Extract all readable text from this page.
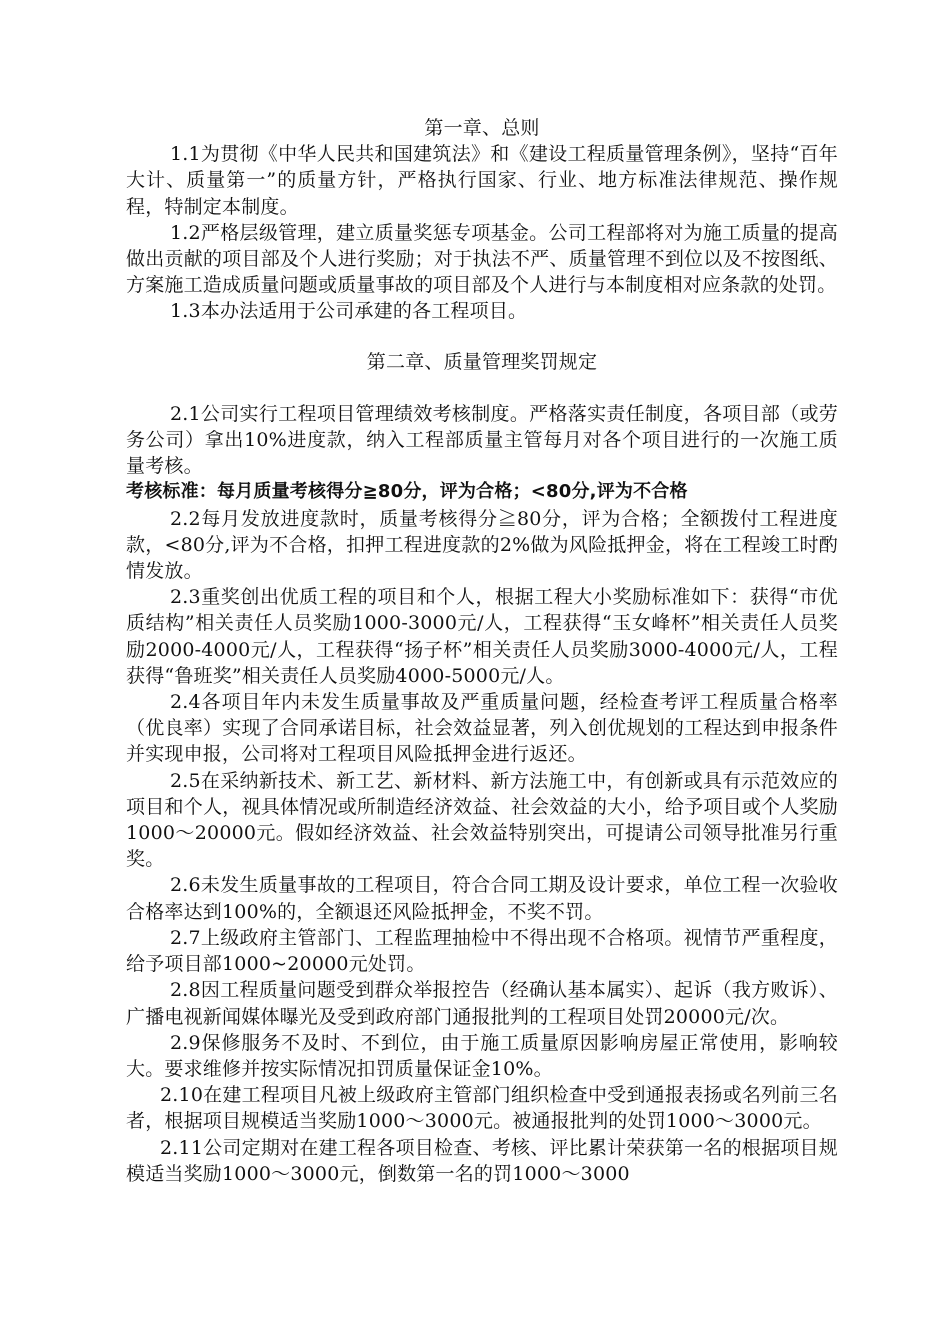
第一章、总则

1.1为贯彻《中华人民共和国建筑法》和《建设工程质量管理条例》，坚持“百年大计、质量第一”的质量方针，严格执行国家、行业、地方标准法律规范、操作规程，特制定本制度。

1.2严格层级管理，建立质量奖惩专项基金。公司工程部将对为施工质量的提高做出贡献的项目部及个人进行奖励；对于执法不严、质量管理不到位以及不按图纸、方案施工造成质量问题或质量事故的项目部及个人进行与本制度相对应条款的处罚。

1.3本办法适用于公司承建的各工程项目。

第二章、质量管理奖罚规定

2.1公司实行工程项目管理绩效考核制度。严格落实责任制度，各项目部（或劳务公司）拿出10%进度款，纳入工程部质量主管每月对各个项目进行的一次施工质量考核。

考核标准：每月质量考核得分≧80分，评为合格；<80分,评为不合格

2.2每月发放进度款时，质量考核得分≧80分，评为合格；全额拨付工程进度款，<80分,评为不合格，扣押工程进度款的2%做为风险抵押金，将在工程竣工时酌情发放。

2.3重奖创出优质工程的项目和个人，根据工程大小奖励标准如下：获得“市优质结构”相关责任人员奖励1000-3000元/人，工程获得“玉女峰杯”相关责任人员奖励2000-4000元/人，工程获得“扬子杯”相关责任人员奖励3000-4000元/人，工程获得“鲁班奖”相关责任人员奖励4000-5000元/人。

2.4各项目年内未发生质量事故及严重质量问题，经检查考评工程质量合格率（优良率）实现了合同承诺目标，社会效益显著，列入创优规划的工程达到申报条件并实现申报，公司将对工程项目风险抵押金进行返还。

2.5在采纳新技术、新工艺、新材料、新方法施工中，有创新或具有示范效应的项目和个人，视具体情况或所制造经济效益、社会效益的大小，给予项目或个人奖励1000～20000元。假如经济效益、社会效益特别突出，可提请公司领导批准另行重奖。

2.6未发生质量事故的工程项目，符合合同工期及设计要求，单位工程一次验收合格率达到100%的，全额退还风险抵押金，不奖不罚。

2.7上级政府主管部门、工程监理抽检中不得出现不合格项。视情节严重程度，给予项目部1000~20000元处罚。

2.8因工程质量问题受到群众举报控告（经确认基本属实）、起诉（我方败诉）、广播电视新闻媒体曝光及受到政府部门通报批判的工程项目处罚20000元/次。

2.9保修服务不及时、不到位，由于施工质量原因影响房屋正常使用，影响较大。要求维修并按实际情况扣罚质量保证金10%。

2.10在建工程项目凡被上级政府主管部门组织检查中受到通报表扬或名列前三名者，根据项目规模适当奖励1000～3000元。被通报批判的处罚1000～3000元。

2.11公司定期对在建工程各项目检查、考核、评比累计荣获第一名的根据项目规模适当奖励1000～3000元，倒数第一名的罚1000～3000
